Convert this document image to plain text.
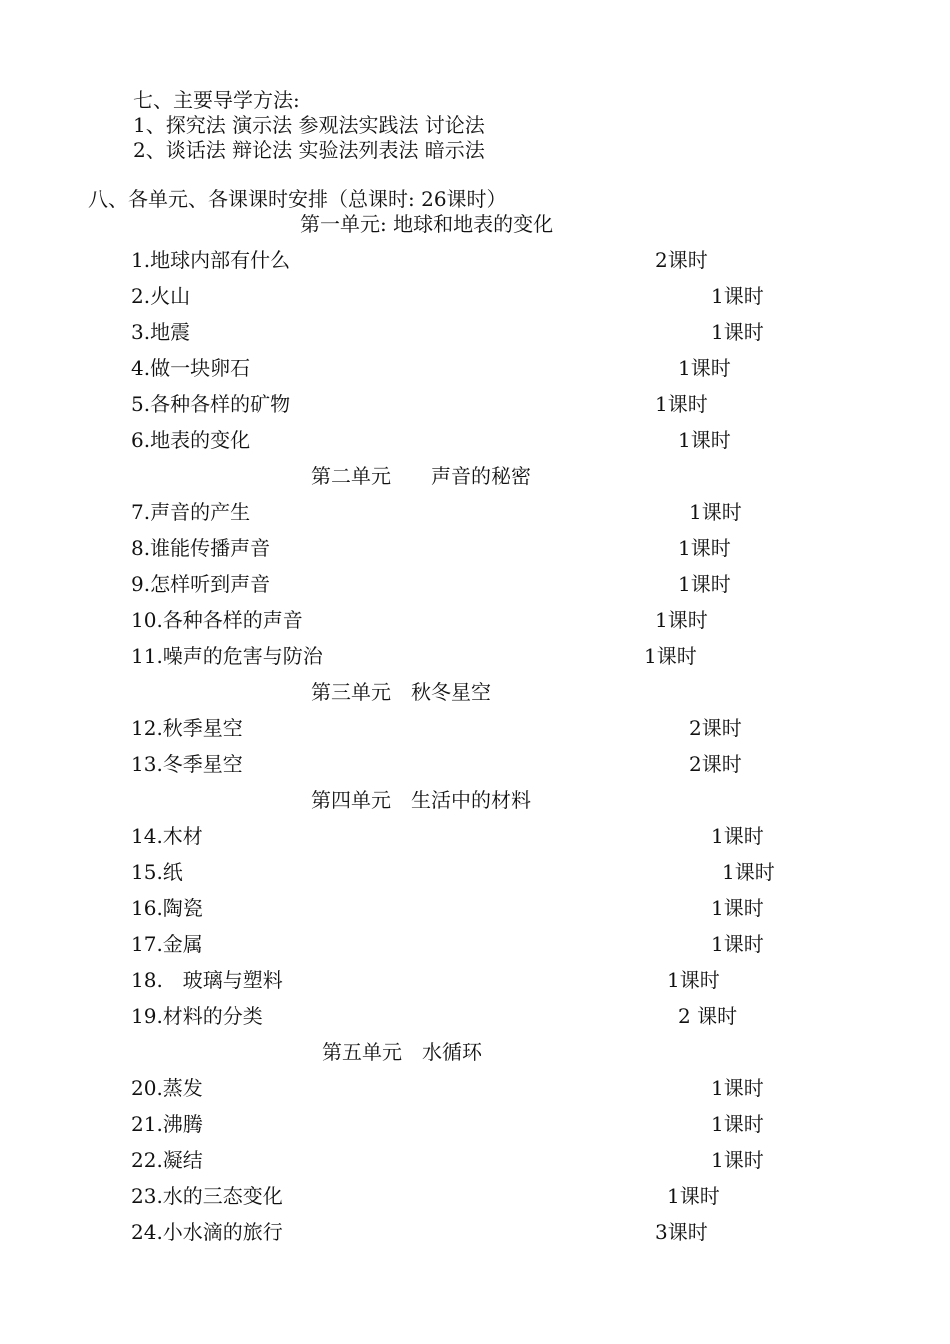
七、主要导学方法:
1、探究法 演示法 参观法实践法 讨论法
2、谈话法 辩论法 实验法列表法 暗示法
八、各单元、各课课时安排（总课时: 26课时）
第一单元: 地球和地表的变化
1.地球内部有什么	2课时
2.火山	1课时
3.地震	1课时
4.做一块卵石	1课时
5.各种各样的矿物	1课时
6.地表的变化	1课时
第二单元　　声音的秘密
7.声音的产生	1课时
8.谁能传播声音	1课时
9.怎样听到声音	1课时
10.各种各样的声音	1课时
11.噪声的危害与防治	1课时
第三单元　秋冬星空
12.秋季星空	2课时
13.冬季星空	2课时
第四单元　生活中的材料
14.木材	1课时
15.纸	1课时
16.陶瓷	1课时
17.金属	1课时
18.　玻璃与塑料	1课时
19.材料的分类	2 课时
第五单元　水循环
20.蒸发	1课时
21.沸腾	1课时
22.凝结	1课时
23.水的三态变化	1课时
24.小水滴的旅行	3课时
